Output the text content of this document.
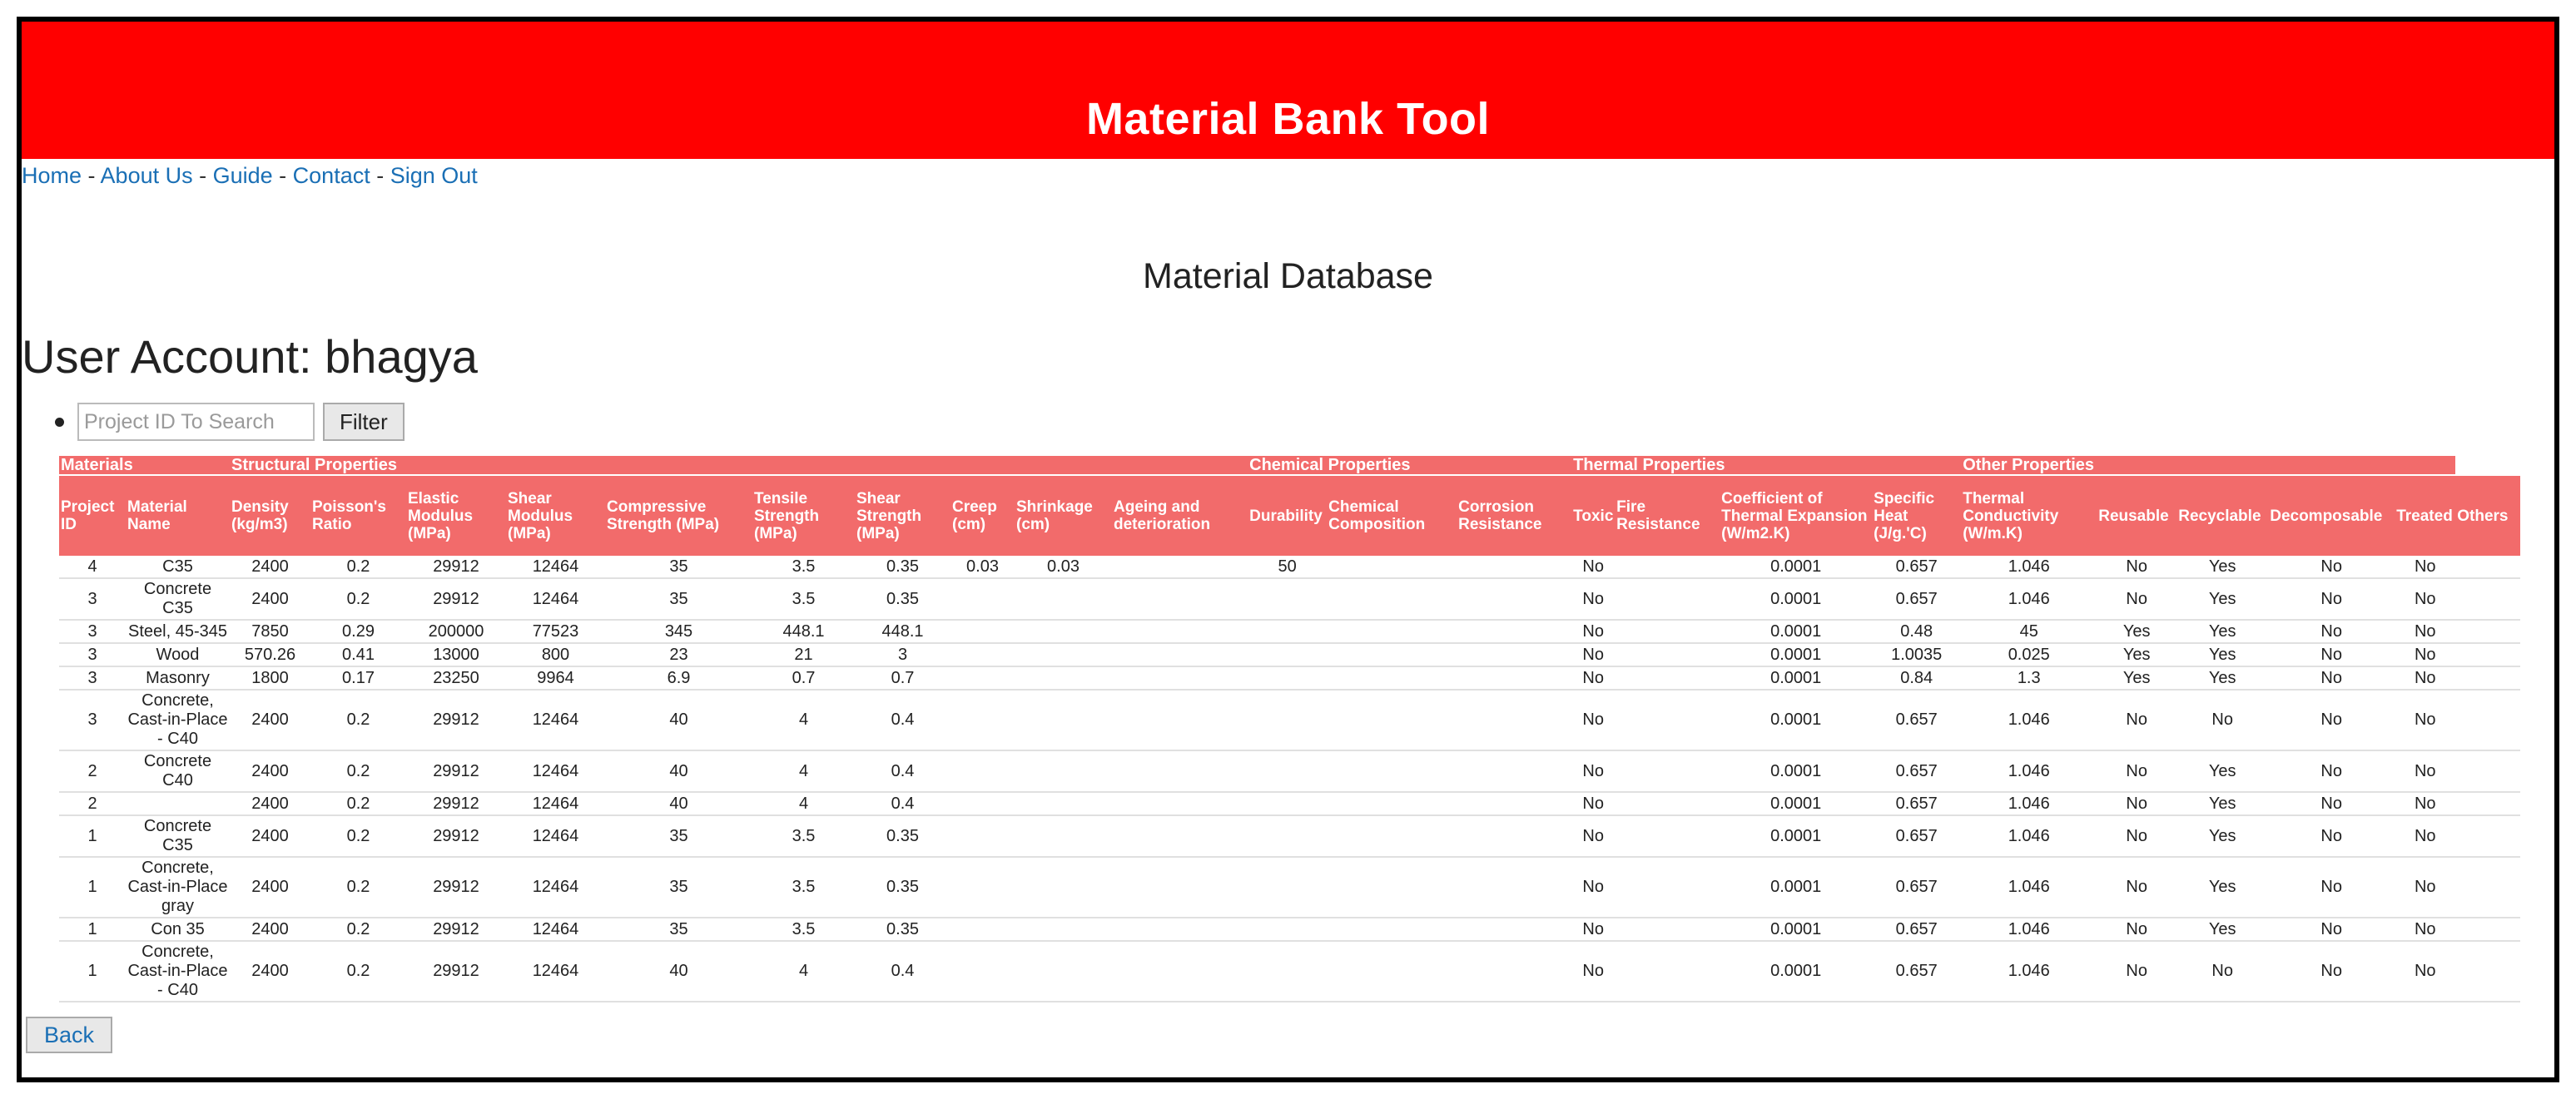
Material Bank Tool
Home - About Us - Guide - Contact - Sign Out
Material Database
User Account: bhagya
Project ID To Search
Filter
Materials		Structural Properties										Chemical Properties			Thermal Properties				Other Properties					
Project ID	Material Name	Density (kg/m3)	Poisson's Ratio	Elastic Modulus (MPa)	Shear Modulus (MPa)	Compressive Strength (MPa)	Tensile Strength (MPa)	Shear Strength (MPa)	Creep (cm)	Shrinkage (cm)	Ageing and deterioration	Durability	Chemical Composition	Corrosion Resistance	Toxic	Fire Resistance	Coefficient of Thermal Expansion (W/m2.K)	Specific Heat (J/g.'C)	Thermal Conductivity (W/m.K)	Reusable	Recyclable	Decomposable	Treated	Others
4	C35	2400	0.2	29912	12464	35	3.5	0.35	0.03	0.03		50			No		0.0001	0.657	1.046	No	Yes	No	No	
3	Concrete C35	2400	0.2	29912	12464	35	3.5	0.35							No		0.0001	0.657	1.046	No	Yes	No	No	
3	Steel, 45-345	7850	0.29	200000	77523	345	448.1	448.1							No		0.0001	0.48	45	Yes	Yes	No	No	
3	Wood	570.26	0.41	13000	800	23	21	3							No		0.0001	1.0035	0.025	Yes	Yes	No	No	
3	Masonry	1800	0.17	23250	9964	6.9	0.7	0.7							No		0.0001	0.84	1.3	Yes	Yes	No	No	
3	Concrete, Cast-in-Place - C40	2400	0.2	29912	12464	40	4	0.4							No		0.0001	0.657	1.046	No	No	No	No	
2	Concrete C40	2400	0.2	29912	12464	40	4	0.4							No		0.0001	0.657	1.046	No	Yes	No	No	
2		2400	0.2	29912	12464	40	4	0.4							No		0.0001	0.657	1.046	No	Yes	No	No	
1	Concrete C35	2400	0.2	29912	12464	35	3.5	0.35							No		0.0001	0.657	1.046	No	Yes	No	No	
1	Concrete, Cast-in-Place gray	2400	0.2	29912	12464	35	3.5	0.35							No		0.0001	0.657	1.046	No	Yes	No	No	
1	Con 35	2400	0.2	29912	12464	35	3.5	0.35							No		0.0001	0.657	1.046	No	Yes	No	No	
1	Concrete, Cast-in-Place - C40	2400	0.2	29912	12464	40	4	0.4							No		0.0001	0.657	1.046	No	No	No	No	
Back
